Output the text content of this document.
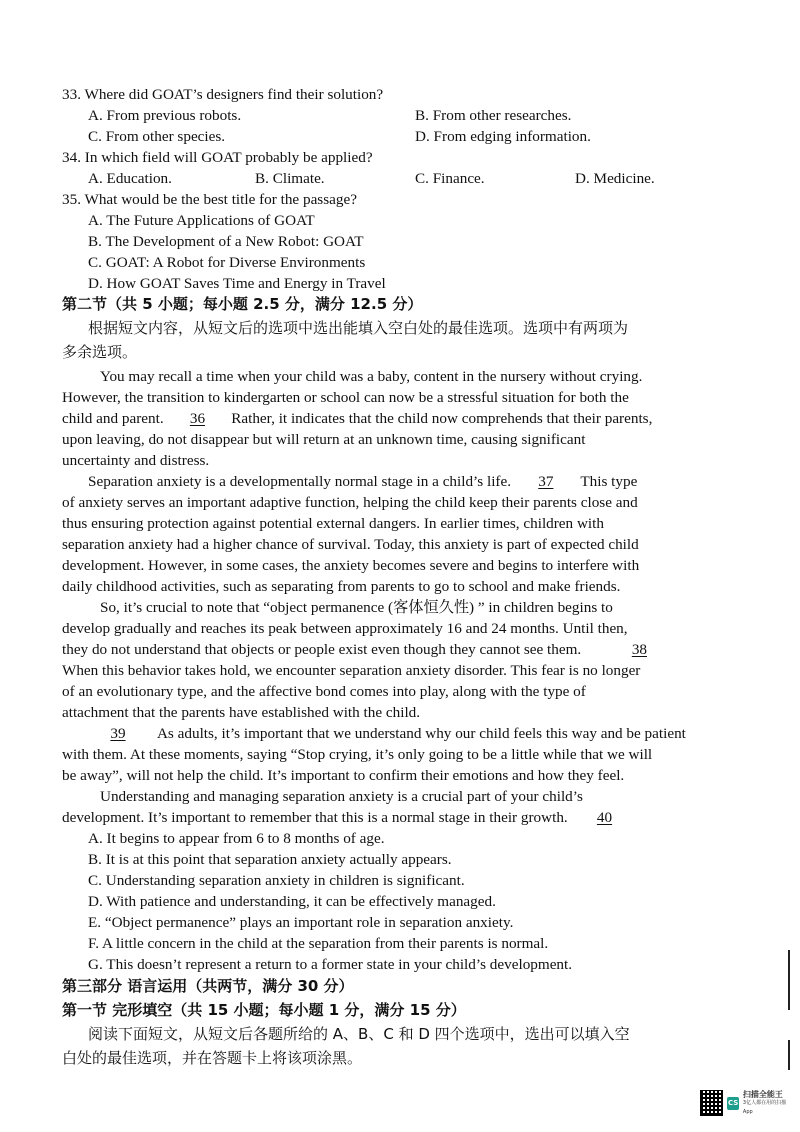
33. Where did GOAT’s designers find their solution?
A. From previous robots.	B. From other researches.
C. From other species.	D. From edging information.
34. In which field will GOAT probably be applied?
A. Education.	B. Climate.	C. Finance.	D. Medicine.
35. What would be the best title for the passage?
A. The Future Applications of GOAT
B. The Development of a New Robot: GOAT
C. GOAT: A Robot for Diverse Environments
D. How GOAT Saves Time and Energy in Travel
第二节（共 5 小题；每小题 2.5 分，满分 12.5 分）
根据短文内容，从短文后的选项中选出能填入空白处的最佳选项。选项中有两项为
多余选项。
You may recall a time when your child was a baby, content in the nursery without crying.
However, the transition to kindergarten or school can now be a stressful situation for both the
child and parent. 36 Rather, it indicates that the child now comprehends that their parents,
upon leaving, do not disappear but will return at an unknown time, causing significant
uncertainty and distress.
Separation anxiety is a developmentally normal stage in a child’s life. 37 This type
of anxiety serves an important adaptive function, helping the child keep their parents close and
thus ensuring protection against potential external dangers. In earlier times, children with
separation anxiety had a higher chance of survival. Today, this anxiety is part of expected child
development. However, in some cases, the anxiety becomes severe and begins to interfere with
daily childhood activities, such as separating from parents to go to school and make friends.
So, it’s crucial to note that “object permanence (客体恒久性) ” in children begins to
develop gradually and reaches its peak between approximately 16 and 24 months. Until then,
they do not understand that objects or people exist even though they cannot see them.	38
When this behavior takes hold, we encounter separation anxiety disorder. This fear is no longer
of an evolutionary type, and the affective bond comes into play, along with the type of
attachment that the parents have established with the child.
39 As adults, it’s important that we understand why our child feels this way and be patient
with them. At these moments, saying “Stop crying, it’s only going to be a little while that we will
be away”, will not help the child. It’s important to confirm their emotions and how they feel.
Understanding and managing separation anxiety is a crucial part of your child’s
development. It’s important to remember that this is a normal stage in their growth. 40
A. It begins to appear from 6 to 8 months of age.
B. It is at this point that separation anxiety actually appears.
C. Understanding separation anxiety in children is significant.
D. With patience and understanding, it can be effectively managed.
E. “Object permanence” plays an important role in separation anxiety.
F. A little concern in the child at the separation from their parents is normal.
G. This doesn’t represent a return to a former state in your child’s development.
第三部分 语言运用（共两节，满分 30 分）
第一节 完形填空（共 15 小题；每小题 1 分，满分 15 分）
阅读下面短文，从短文后各题所给的 A、B、C 和 D 四个选项中，选出可以填入空
白处的最佳选项，并在答题卡上将该项涂黑。
CS
扫描全能王
3亿人都在用的扫描App
